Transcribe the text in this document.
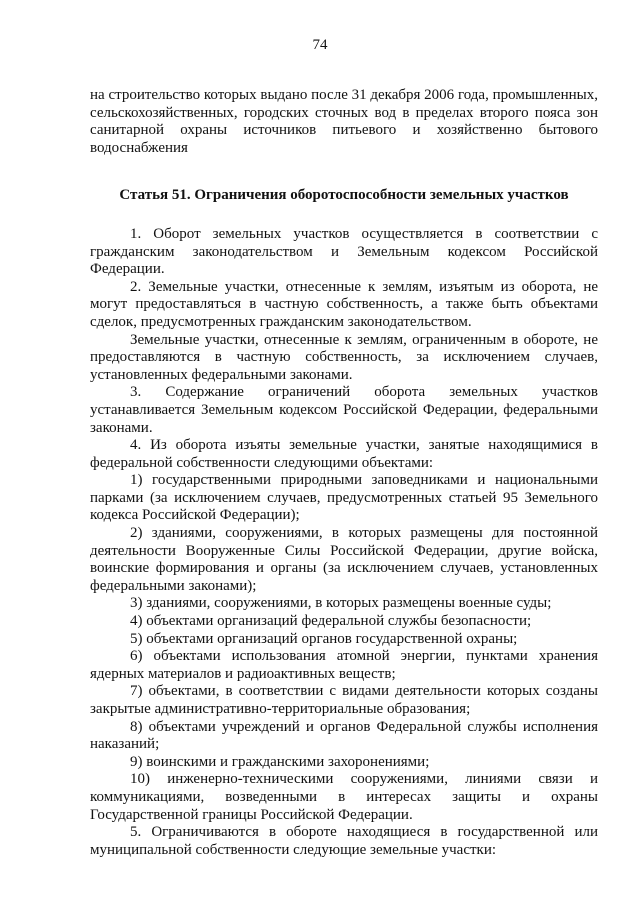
74

на строительство которых выдано после 31 декабря 2006 года, промышленных, сельскохозяйственных, городских сточных вод в пределах второго пояса зон санитарной охраны источников питьевого и хозяйственно бытового водоснабжения

Статья 51. Ограничения оборотоспособности земельных участков

1. Оборот земельных участков осуществляется в соответствии с гражданским законодательством и Земельным кодексом Российской Федерации.

2. Земельные участки, отнесенные к землям, изъятым из оборота, не могут предоставляться в частную собственность, а также быть объектами сделок, предусмотренных гражданским законодательством.

Земельные участки, отнесенные к землям, ограниченным в обороте, не предоставляются в частную собственность, за исключением случаев, установленных федеральными законами.

3. Содержание ограничений оборота земельных участков устанавливается Земельным кодексом Российской Федерации, федеральными законами.

4. Из оборота изъяты земельные участки, занятые находящимися в федеральной собственности следующими объектами:

1) государственными природными заповедниками и национальными парками (за исключением случаев, предусмотренных статьей 95 Земельного кодекса Российской Федерации);

2) зданиями, сооружениями, в которых размещены для постоянной деятельности Вооруженные Силы Российской Федерации, другие войска, воинские формирования и органы (за исключением случаев, установленных федеральными законами);

3) зданиями, сооружениями, в которых размещены военные суды;

4) объектами организаций федеральной службы безопасности;

5) объектами организаций органов государственной охраны;

6) объектами использования атомной энергии, пунктами хранения ядерных материалов и радиоактивных веществ;

7) объектами, в соответствии с видами деятельности которых созданы закрытые административно-территориальные образования;

8) объектами учреждений и органов Федеральной службы исполнения наказаний;

9) воинскими и гражданскими захоронениями;

10) инженерно-техническими сооружениями, линиями связи и коммуникациями, возведенными в интересах защиты и охраны Государственной границы Российской Федерации.

5. Ограничиваются в обороте находящиеся в государственной или муниципальной собственности следующие земельные участки:
